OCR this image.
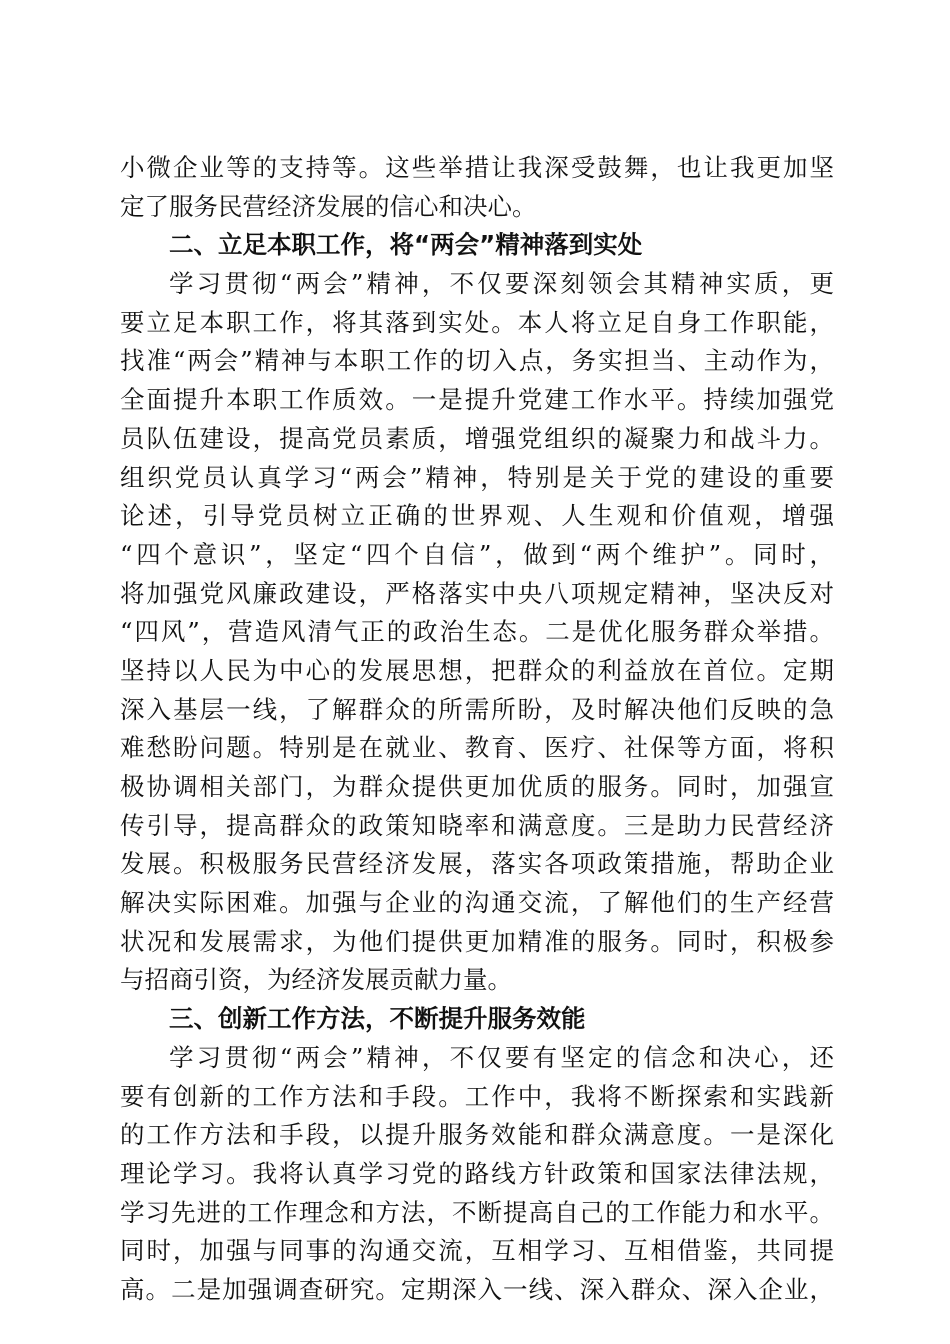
小微企业等的支持等。这些举措让我深受鼓舞，也让我更加坚
定了服务民营经济发展的信心和决心。
二、立足本职工作，将“两会”精神落到实处
学习贯彻“两会”精神，不仅要深刻领会其精神实质，更
要立足本职工作，将其落到实处。本人将立足自身工作职能，
找准“两会”精神与本职工作的切入点，务实担当、主动作为，
全面提升本职工作质效。一是提升党建工作水平。持续加强党
员队伍建设，提高党员素质，增强党组织的凝聚力和战斗力。
组织党员认真学习“两会”精神，特别是关于党的建设的重要
论述，引导党员树立正确的世界观、人生观和价值观，增强
“四个意识”，坚定“四个自信”，做到“两个维护”。同时，
将加强党风廉政建设，严格落实中央八项规定精神，坚决反对
“四风”，营造风清气正的政治生态。二是优化服务群众举措。
坚持以人民为中心的发展思想，把群众的利益放在首位。定期
深入基层一线，了解群众的所需所盼，及时解决他们反映的急
难愁盼问题。特别是在就业、教育、医疗、社保等方面，将积
极协调相关部门，为群众提供更加优质的服务。同时，加强宣
传引导，提高群众的政策知晓率和满意度。三是助力民营经济
发展。积极服务民营经济发展，落实各项政策措施，帮助企业
解决实际困难。加强与企业的沟通交流，了解他们的生产经营
状况和发展需求，为他们提供更加精准的服务。同时，积极参
与招商引资，为经济发展贡献力量。
三、创新工作方法，不断提升服务效能
学习贯彻“两会”精神，不仅要有坚定的信念和决心，还
要有创新的工作方法和手段。工作中，我将不断探索和实践新
的工作方法和手段，以提升服务效能和群众满意度。一是深化
理论学习。我将认真学习党的路线方针政策和国家法律法规，
学习先进的工作理念和方法，不断提高自己的工作能力和水平。
同时，加强与同事的沟通交流，互相学习、互相借鉴，共同提
高。二是加强调查研究。定期深入一线、深入群众、深入企业，
